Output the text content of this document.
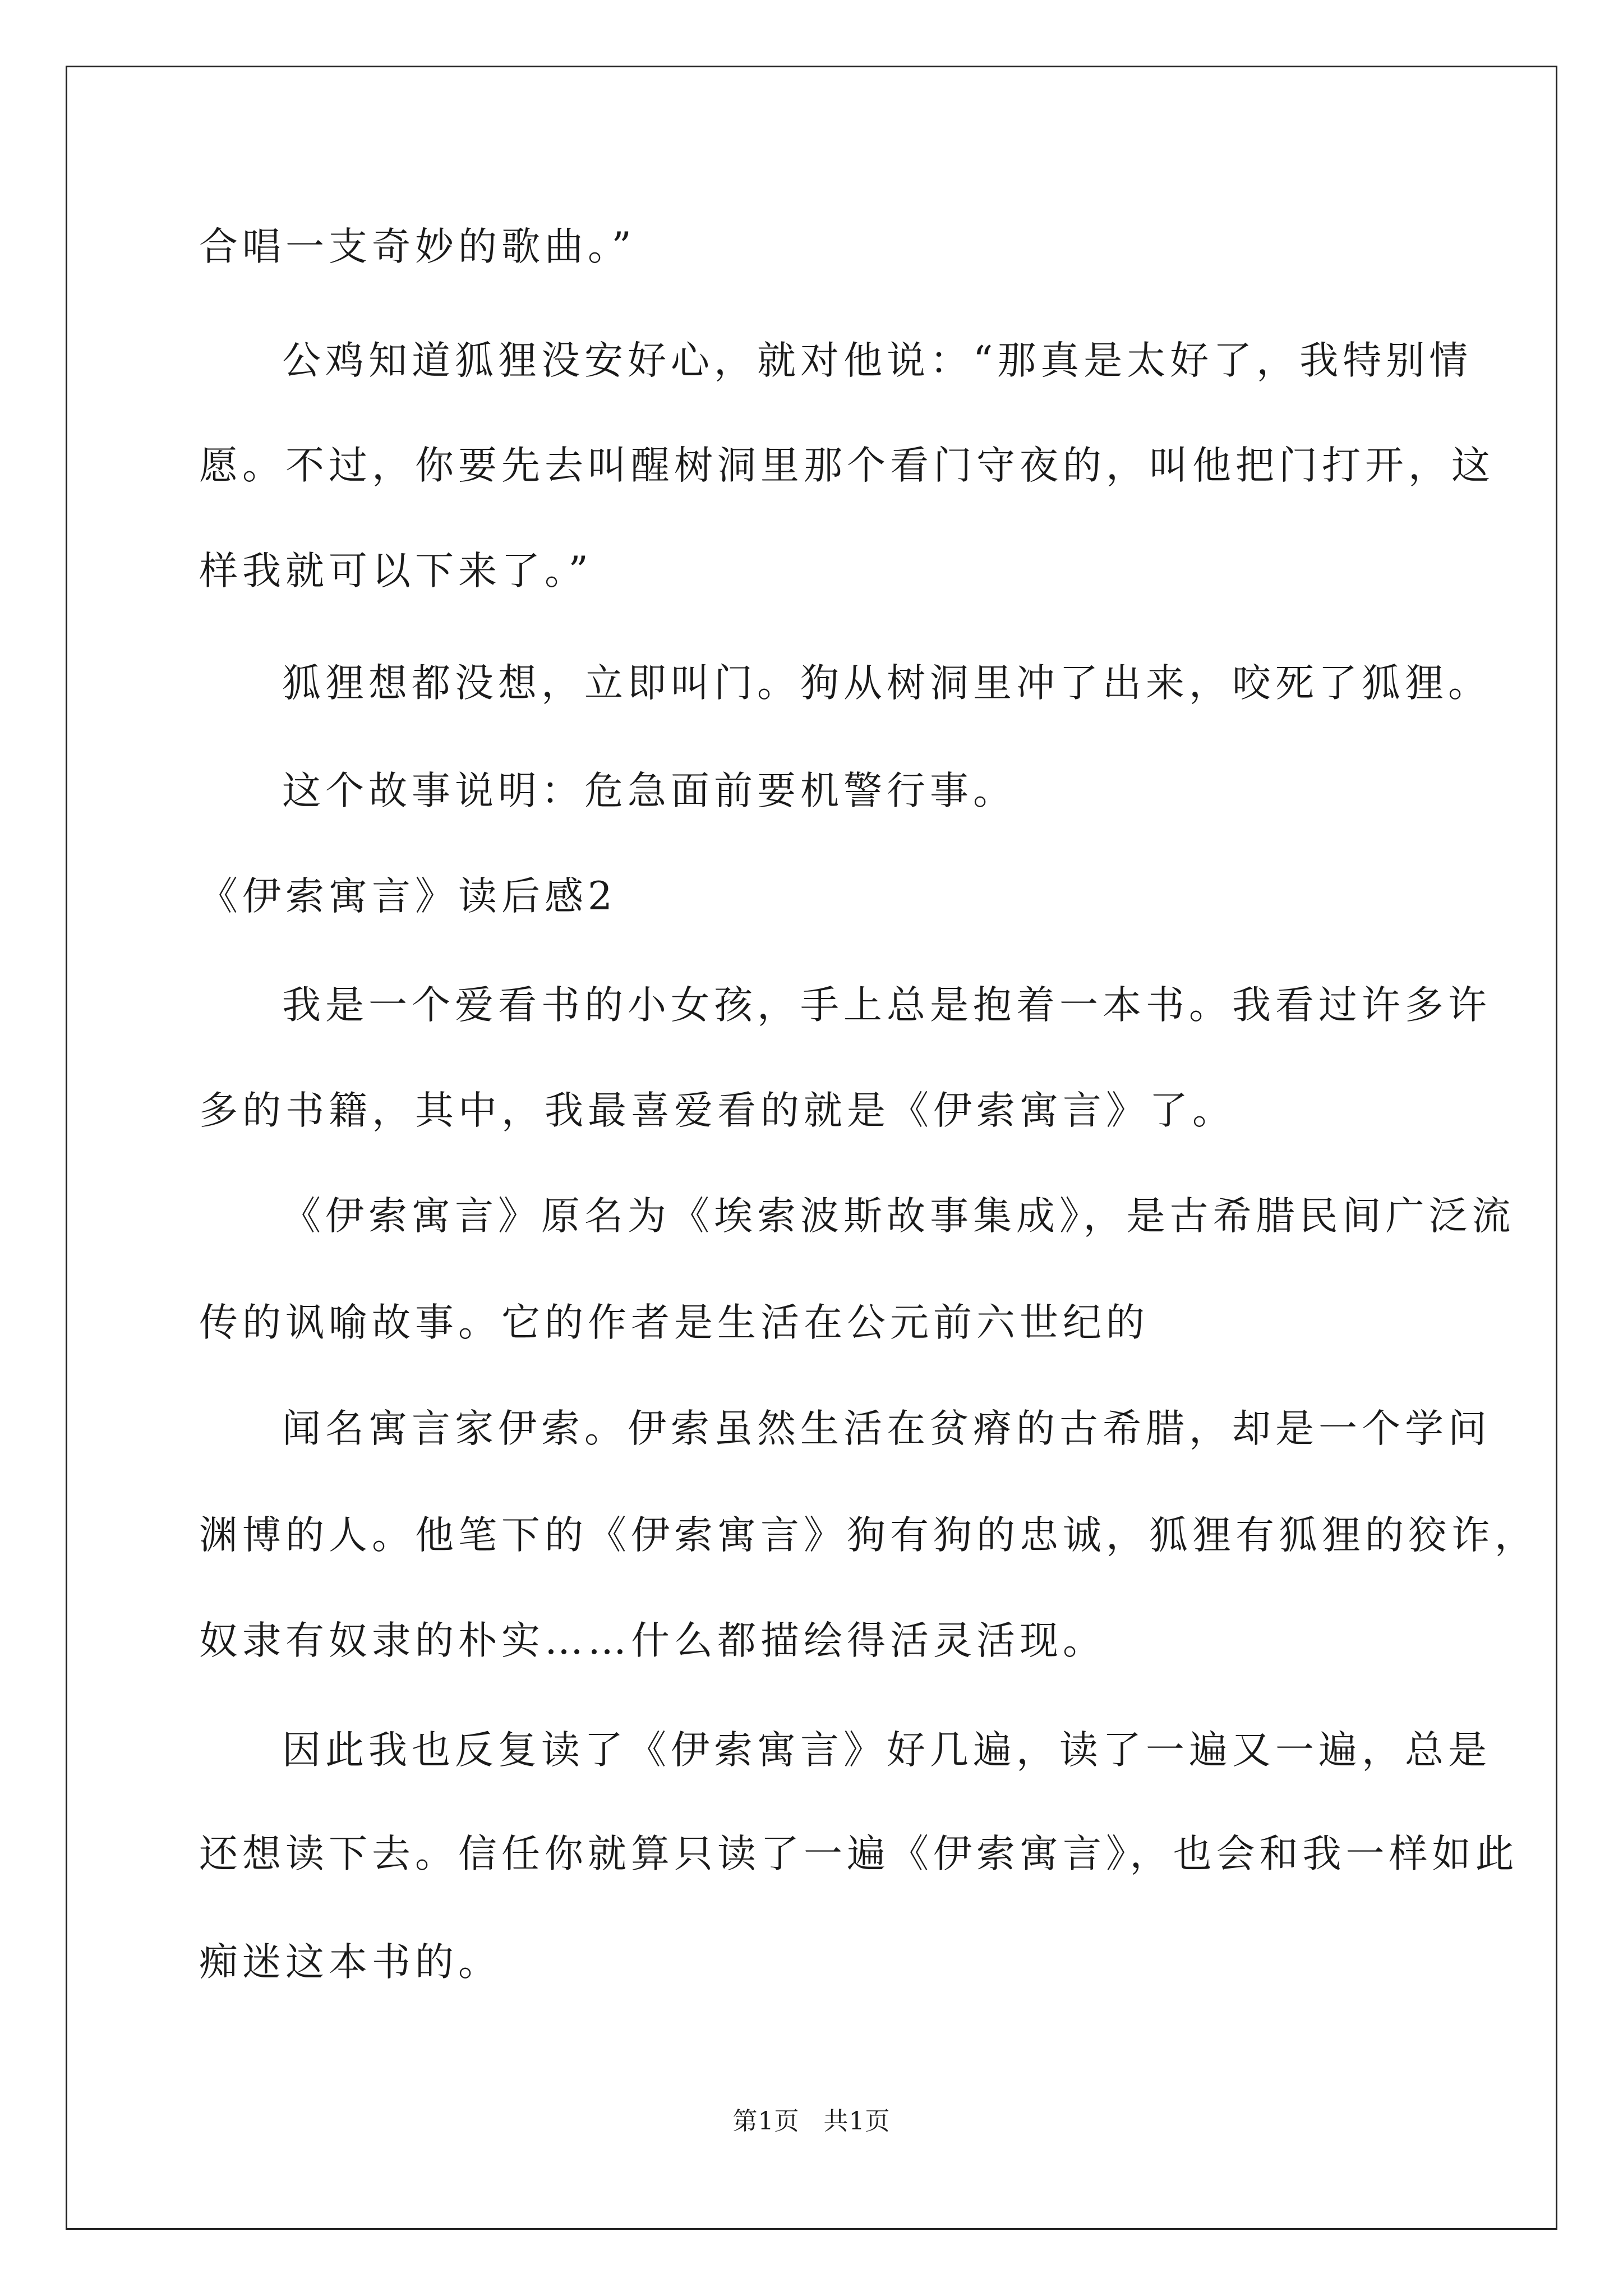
合唱一支奇妙的歌曲。”
公鸡知道狐狸没安好心，就对他说：“那真是太好了，我特别情
愿。不过，你要先去叫醒树洞里那个看门守夜的，叫他把门打开，这
样我就可以下来了。”
狐狸想都没想，立即叫门。狗从树洞里冲了出来，咬死了狐狸。
这个故事说明：危急面前要机警行事。
《伊索寓言》读后感2
我是一个爱看书的小女孩，手上总是抱着一本书。我看过许多许
多的书籍，其中，我最喜爱看的就是《伊索寓言》了。
《伊索寓言》原名为《埃索波斯故事集成》，是古希腊民间广泛流
传的讽喻故事。它的作者是生活在公元前六世纪的
闻名寓言家伊索。伊索虽然生活在贫瘠的古希腊，却是一个学问
渊博的人。他笔下的《伊索寓言》狗有狗的忠诚，狐狸有狐狸的狡诈，
奴隶有奴隶的朴实……什么都描绘得活灵活现。
因此我也反复读了《伊索寓言》好几遍，读了一遍又一遍，总是
还想读下去。信任你就算只读了一遍《伊索寓言》，也会和我一样如此
痴迷这本书的。
第1页 共1页
